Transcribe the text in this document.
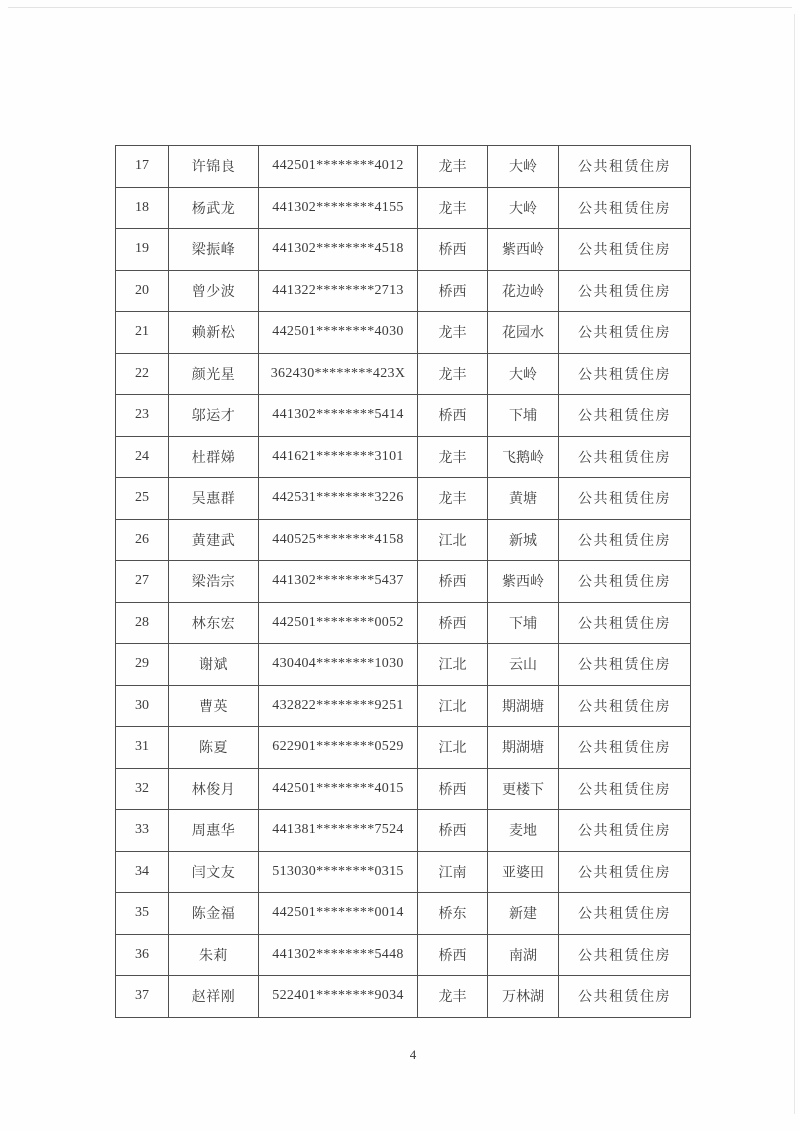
17	许锦良	442501********4012	龙丰	大岭	公共租赁住房
18	杨武龙	441302********4155	龙丰	大岭	公共租赁住房
19	梁振峰	441302********4518	桥西	紫西岭	公共租赁住房
20	曾少波	441322********2713	桥西	花边岭	公共租赁住房
21	赖新松	442501********4030	龙丰	花园水	公共租赁住房
22	颜光星	362430********423X	龙丰	大岭	公共租赁住房
23	邬运才	441302********5414	桥西	下埔	公共租赁住房
24	杜群娣	441621********3101	龙丰	飞鹅岭	公共租赁住房
25	吴惠群	442531********3226	龙丰	黄塘	公共租赁住房
26	黄建武	440525********4158	江北	新城	公共租赁住房
27	梁浩宗	441302********5437	桥西	紫西岭	公共租赁住房
28	林东宏	442501********0052	桥西	下埔	公共租赁住房
29	谢斌	430404********1030	江北	云山	公共租赁住房
30	曹英	432822********9251	江北	期湖塘	公共租赁住房
31	陈夏	622901********0529	江北	期湖塘	公共租赁住房
32	林俊月	442501********4015	桥西	更楼下	公共租赁住房
33	周惠华	441381********7524	桥西	麦地	公共租赁住房
34	闫文友	513030********0315	江南	亚婆田	公共租赁住房
35	陈金福	442501********0014	桥东	新建	公共租赁住房
36	朱莉	441302********5448	桥西	南湖	公共租赁住房
37	赵祥刚	522401********9034	龙丰	万林湖	公共租赁住房
4
